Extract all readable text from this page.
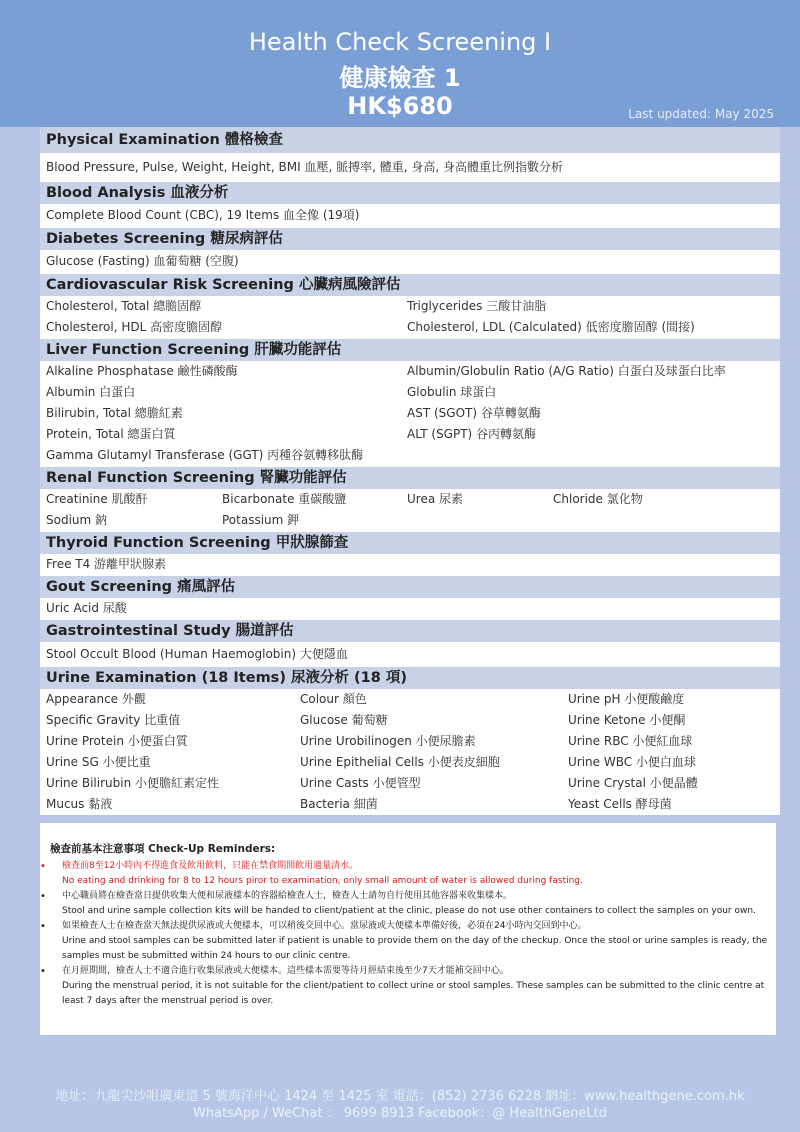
Health Check Screening I
健康檢查 1
HK$680	Last updated: May 2025
Physical Examination 體格檢查
Blood Pressure, Pulse, Weight, Height, BMI 血壓, 脈搏率, 體重, 身高, 身高體重比例指數分析
Blood Analysis 血液分析
Complete Blood Count (CBC), 19 Items 血全像 (19項)
Diabetes Screening 糖尿病評估
Glucose (Fasting) 血葡萄糖 (空腹)
Cardiovascular Risk Screening 心臟病風險評估
Cholesterol, Total 總膽固醇	Triglycerides 三酸甘油脂
Cholesterol, HDL 高密度膽固醇	Cholesterol, LDL (Calculated) 低密度膽固醇 (間接)
Liver Function Screening 肝臟功能評估
Alkaline Phosphatase 鹼性磷酸酶	Albumin/Globulin Ratio (A/G Ratio) 白蛋白及球蛋白比率
Albumin 白蛋白	Globulin 球蛋白
Bilirubin, Total 總膽紅素	AST (SGOT) 谷草轉氨酶
Protein, Total 總蛋白質	ALT (SGPT) 谷丙轉氨酶
Gamma Glutamyl Transferase (GGT) 丙種谷氨轉移肽酶
Renal Function Screening 腎臟功能評估
Creatinine 肌酸酐	Bicarbonate 重碳酸鹽	Urea 尿素	Chloride 氯化物
Sodium 鈉	Potassium 鉀
Thyroid Function Screening 甲狀腺篩查
Free T4 游離甲狀腺素
Gout Screening 痛風評估
Uric Acid 尿酸
Gastrointestinal Study 腸道評估
Stool Occult Blood (Human Haemoglobin) 大便隱血
Urine Examination (18 Items) 尿液分析 (18 項)
Appearance 外觀	Colour 顏色	Urine pH 小便酸鹼度
Specific Gravity 比重值	Glucose 葡萄糖	Urine Ketone 小便酮
Urine Protein 小便蛋白質	Urine Urobilinogen 小便尿膽素	Urine RBC 小便紅血球
Urine SG 小便比重	Urine Epithelial Cells 小便表皮細胞	Urine WBC 小便白血球
Urine Bilirubin 小便膽紅素定性	Urine Casts 小便管型	Urine Crystal 小便晶體
Mucus 黏液	Bacteria 細菌	Yeast Cells 酵母菌
檢查前基本注意事項 Check-Up Reminders:
• 檢查前8至12小時內不得進食及飲用飲料，只能在禁食期間飲用適量清水。
No eating and drinking for 8 to 12 hours piror to examination, only small amount of water is allowed during fasting.
• 中心職員將在檢查當日提供收集大便和尿液樣本的容器給檢查人士，檢查人士請勿自行使用其他容器來收集樣本。
Stool and urine sample collection kits will be handed to client/patient at the clinic, please do not use other containers to collect the samples on your own.
• 如果檢查人士在檢查當天無法提供尿液或大便樣本，可以稍後交回中心。當尿液或大便樣本準備好後，必須在24小時內交回到中心。
Urine and stool samples can be submitted later if patient is unable to provide them on the day of the checkup. Once the stool or urine samples is ready, the samples must be submitted within 24 hours to our clinic centre.
• 在月經期間，檢查人士不適合進行收集尿液或大便樣本。這些樣本需要等待月經結束後至少7天才能補交回中心。
During the menstrual period, it is not suitable for the client/patient to collect urine or stool samples. These samples can be submitted to the clinic centre at least 7 days after the menstrual period is over.
地址：九龍尖沙咀廣東道 5 號海洋中心 1424 至 1425 室 電話：(852) 2736 6228 網址：www.healthgene.com.hk
WhatsApp / WeChat ： 9699 8913 Facebook：@ HealthGeneLtd
